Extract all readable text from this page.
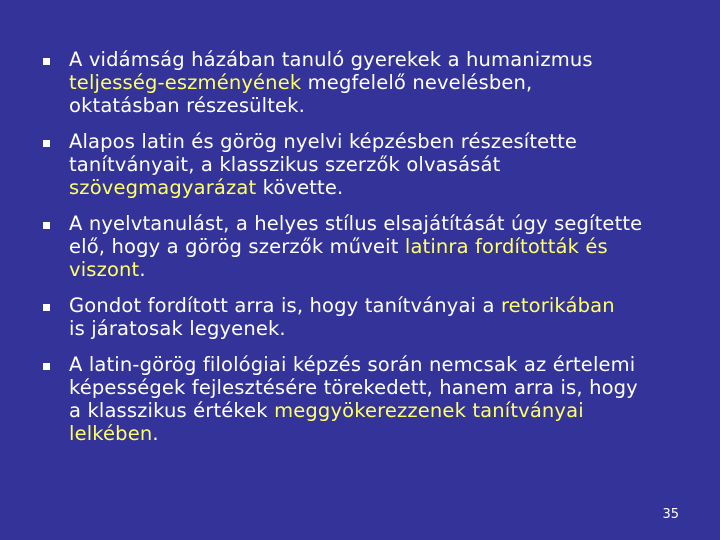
A vidámság házában tanuló gyerekek a humanizmus
teljesség-eszményének megfelelő nevelésben,
oktatásban részesültek.
Alapos latin és görög nyelvi képzésben részesítette
tanítványait, a klasszikus szerzők olvasását
szövegmagyarázat követte.
A nyelvtanulást, a helyes stílus elsajátítását úgy segítette
elő, hogy a görög szerzők műveit latinra fordították és
viszont.
Gondot fordított arra is, hogy tanítványai a retorikában
is járatosak legyenek.
A latin-görög filológiai képzés során nemcsak az értelemi
képességek fejlesztésére törekedett, hanem arra is, hogy
a klasszikus értékek meggyökerezzenek tanítványai
lelkében.
35
